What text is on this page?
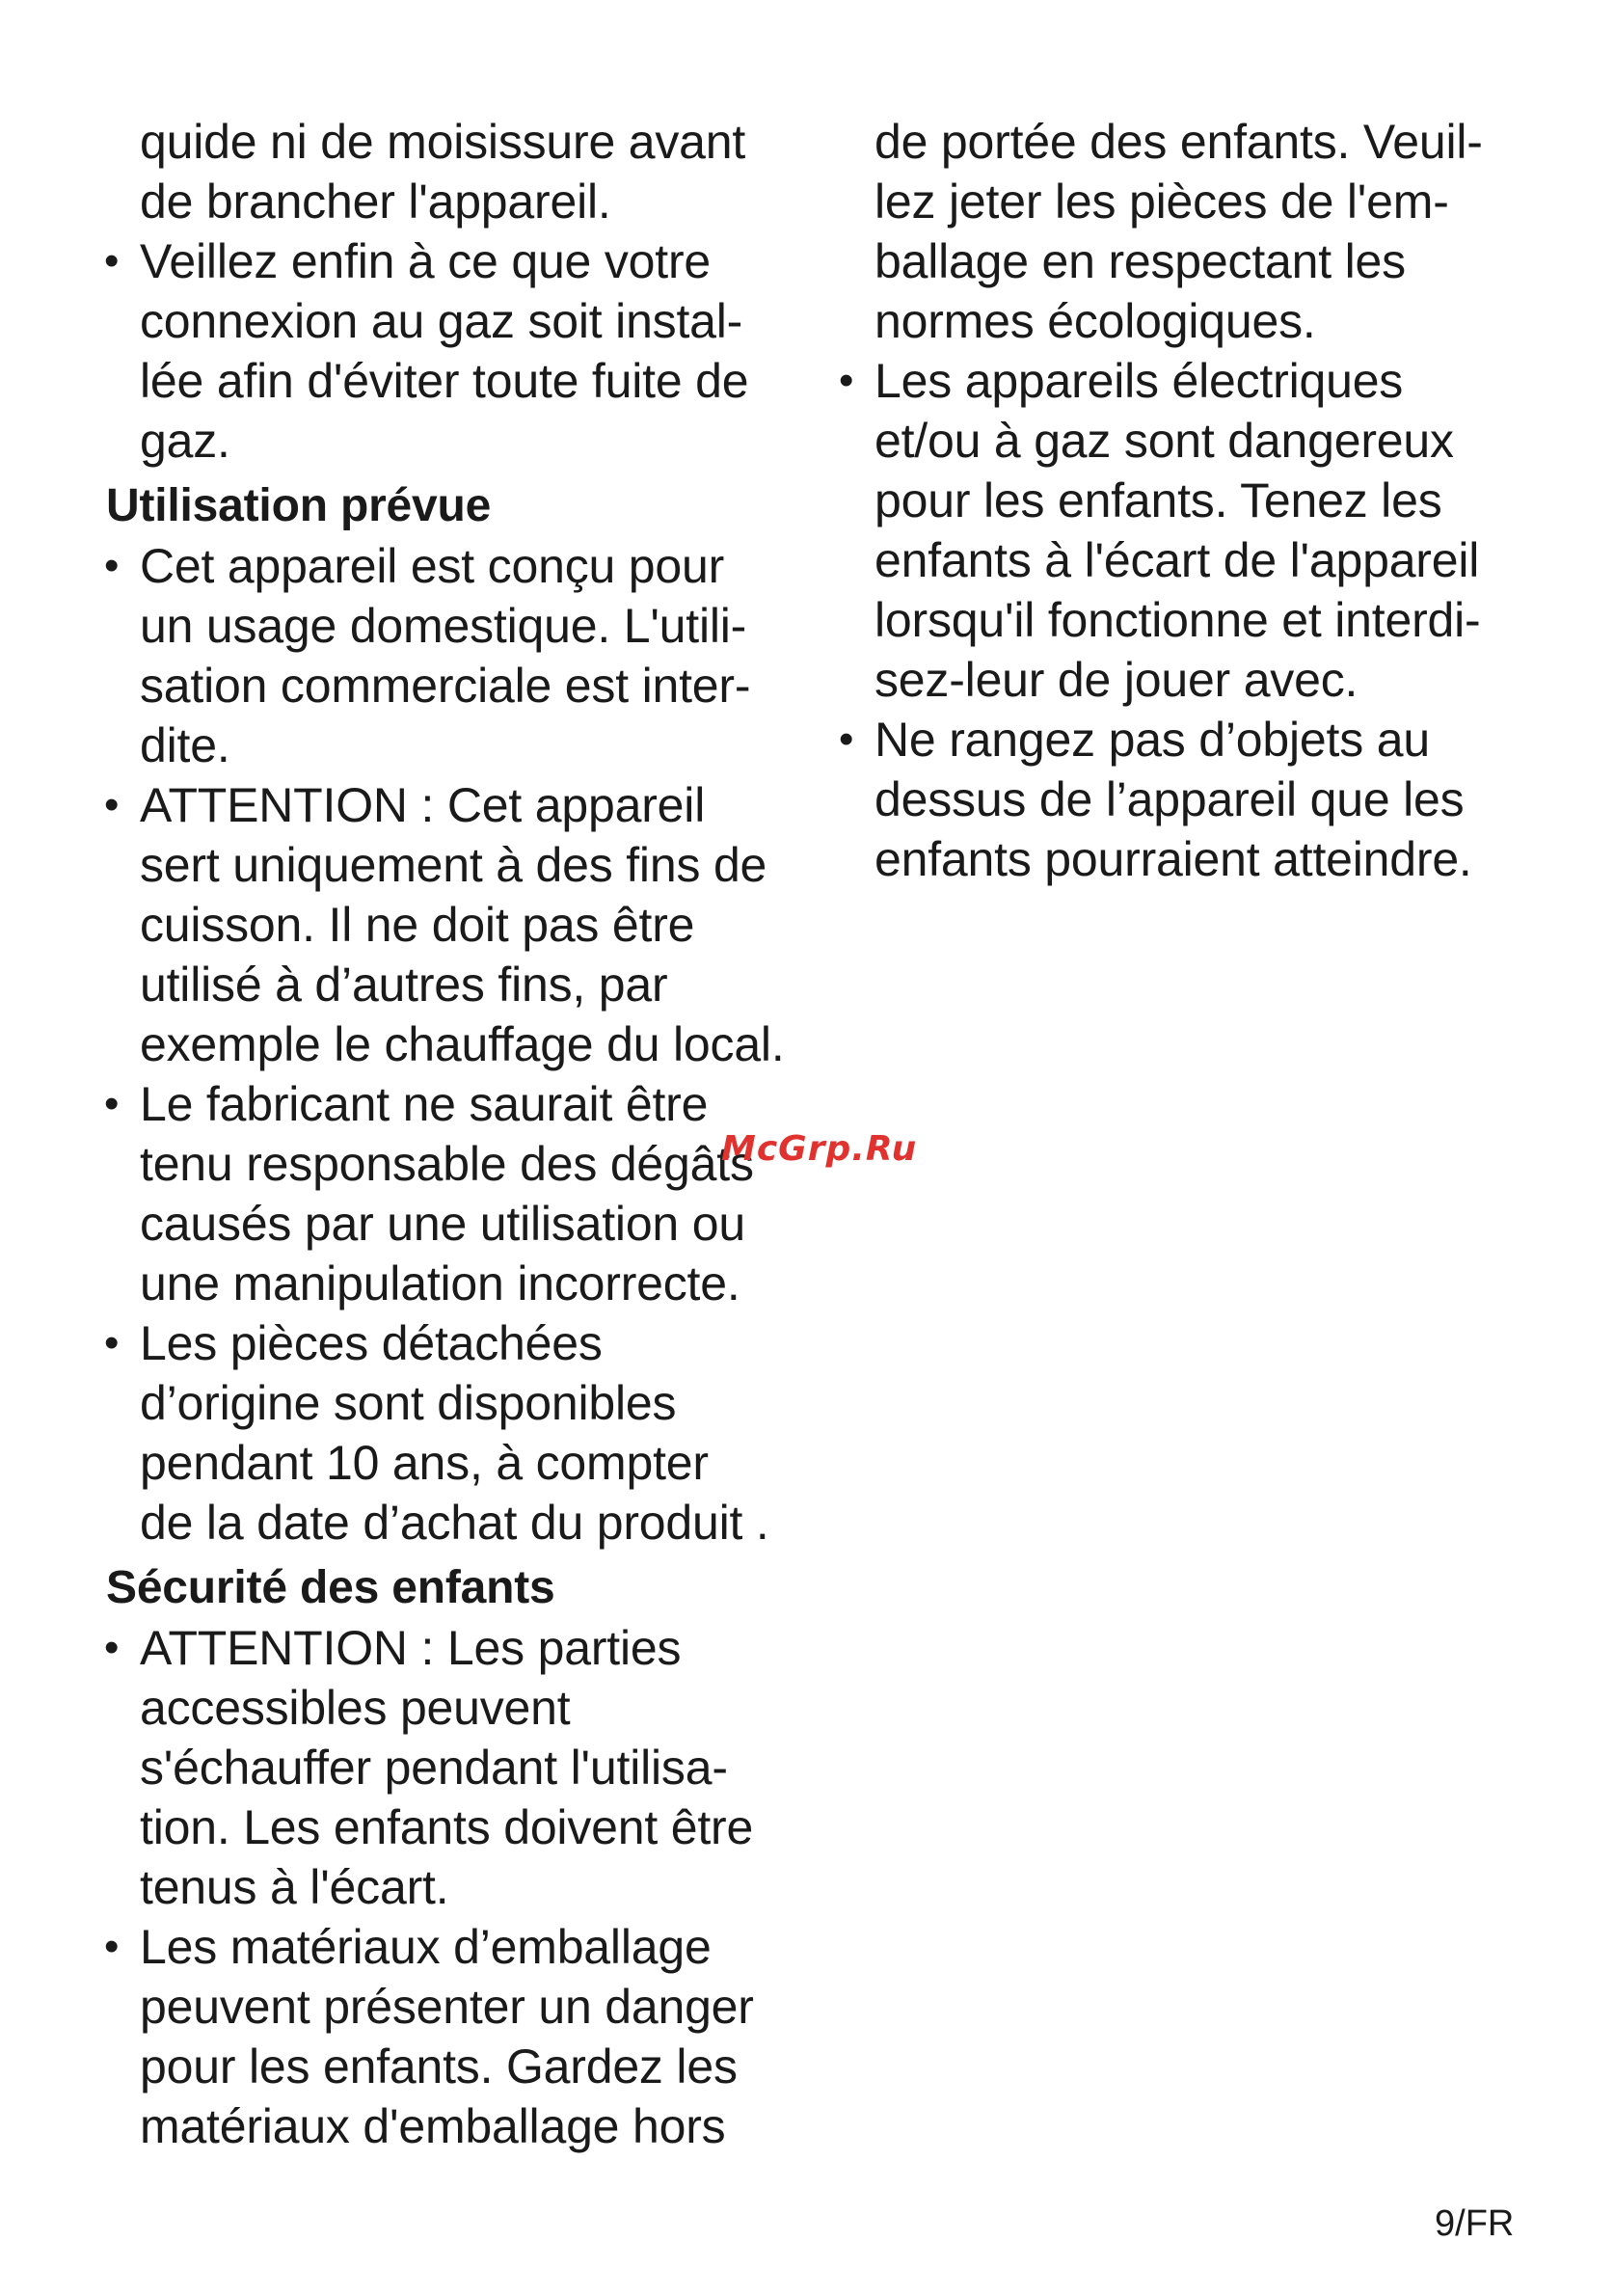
quide ni de moisissure avant
de brancher l'appareil.
• Veillez enfin à ce que votre
connexion au gaz soit instal-
lée afin d'éviter toute fuite de
gaz.
Utilisation prévue
• Cet appareil est conçu pour
un usage domestique. L'utili-
sation commerciale est inter-
dite.
• ATTENTION : Cet appareil
sert uniquement à des fins de
cuisson. Il ne doit pas être
utilisé à d’autres fins, par
exemple le chauffage du local.
• Le fabricant ne saurait être
tenu responsable des dégâts
causés par une utilisation ou
une manipulation incorrecte.
• Les pièces détachées
d’origine sont disponibles
pendant 10 ans, à compter
de la date d’achat du produit .
Sécurité des enfants
• ATTENTION : Les parties
accessibles peuvent
s'échauffer pendant l'utilisa-
tion. Les enfants doivent être
tenus à l'écart.
• Les matériaux d’emballage
peuvent présenter un danger
pour les enfants. Gardez les
matériaux d'emballage hors
de portée des enfants. Veuil-
lez jeter les pièces de l'em-
ballage en respectant les
normes écologiques.
• Les appareils électriques
et/ou à gaz sont dangereux
pour les enfants. Tenez les
enfants à l'écart de l'appareil
lorsqu'il fonctionne et interdi-
sez-leur de jouer avec.
• Ne rangez pas d’objets au
dessus de l’appareil que les
enfants pourraient atteindre.
McGrp.Ru
9/FR
